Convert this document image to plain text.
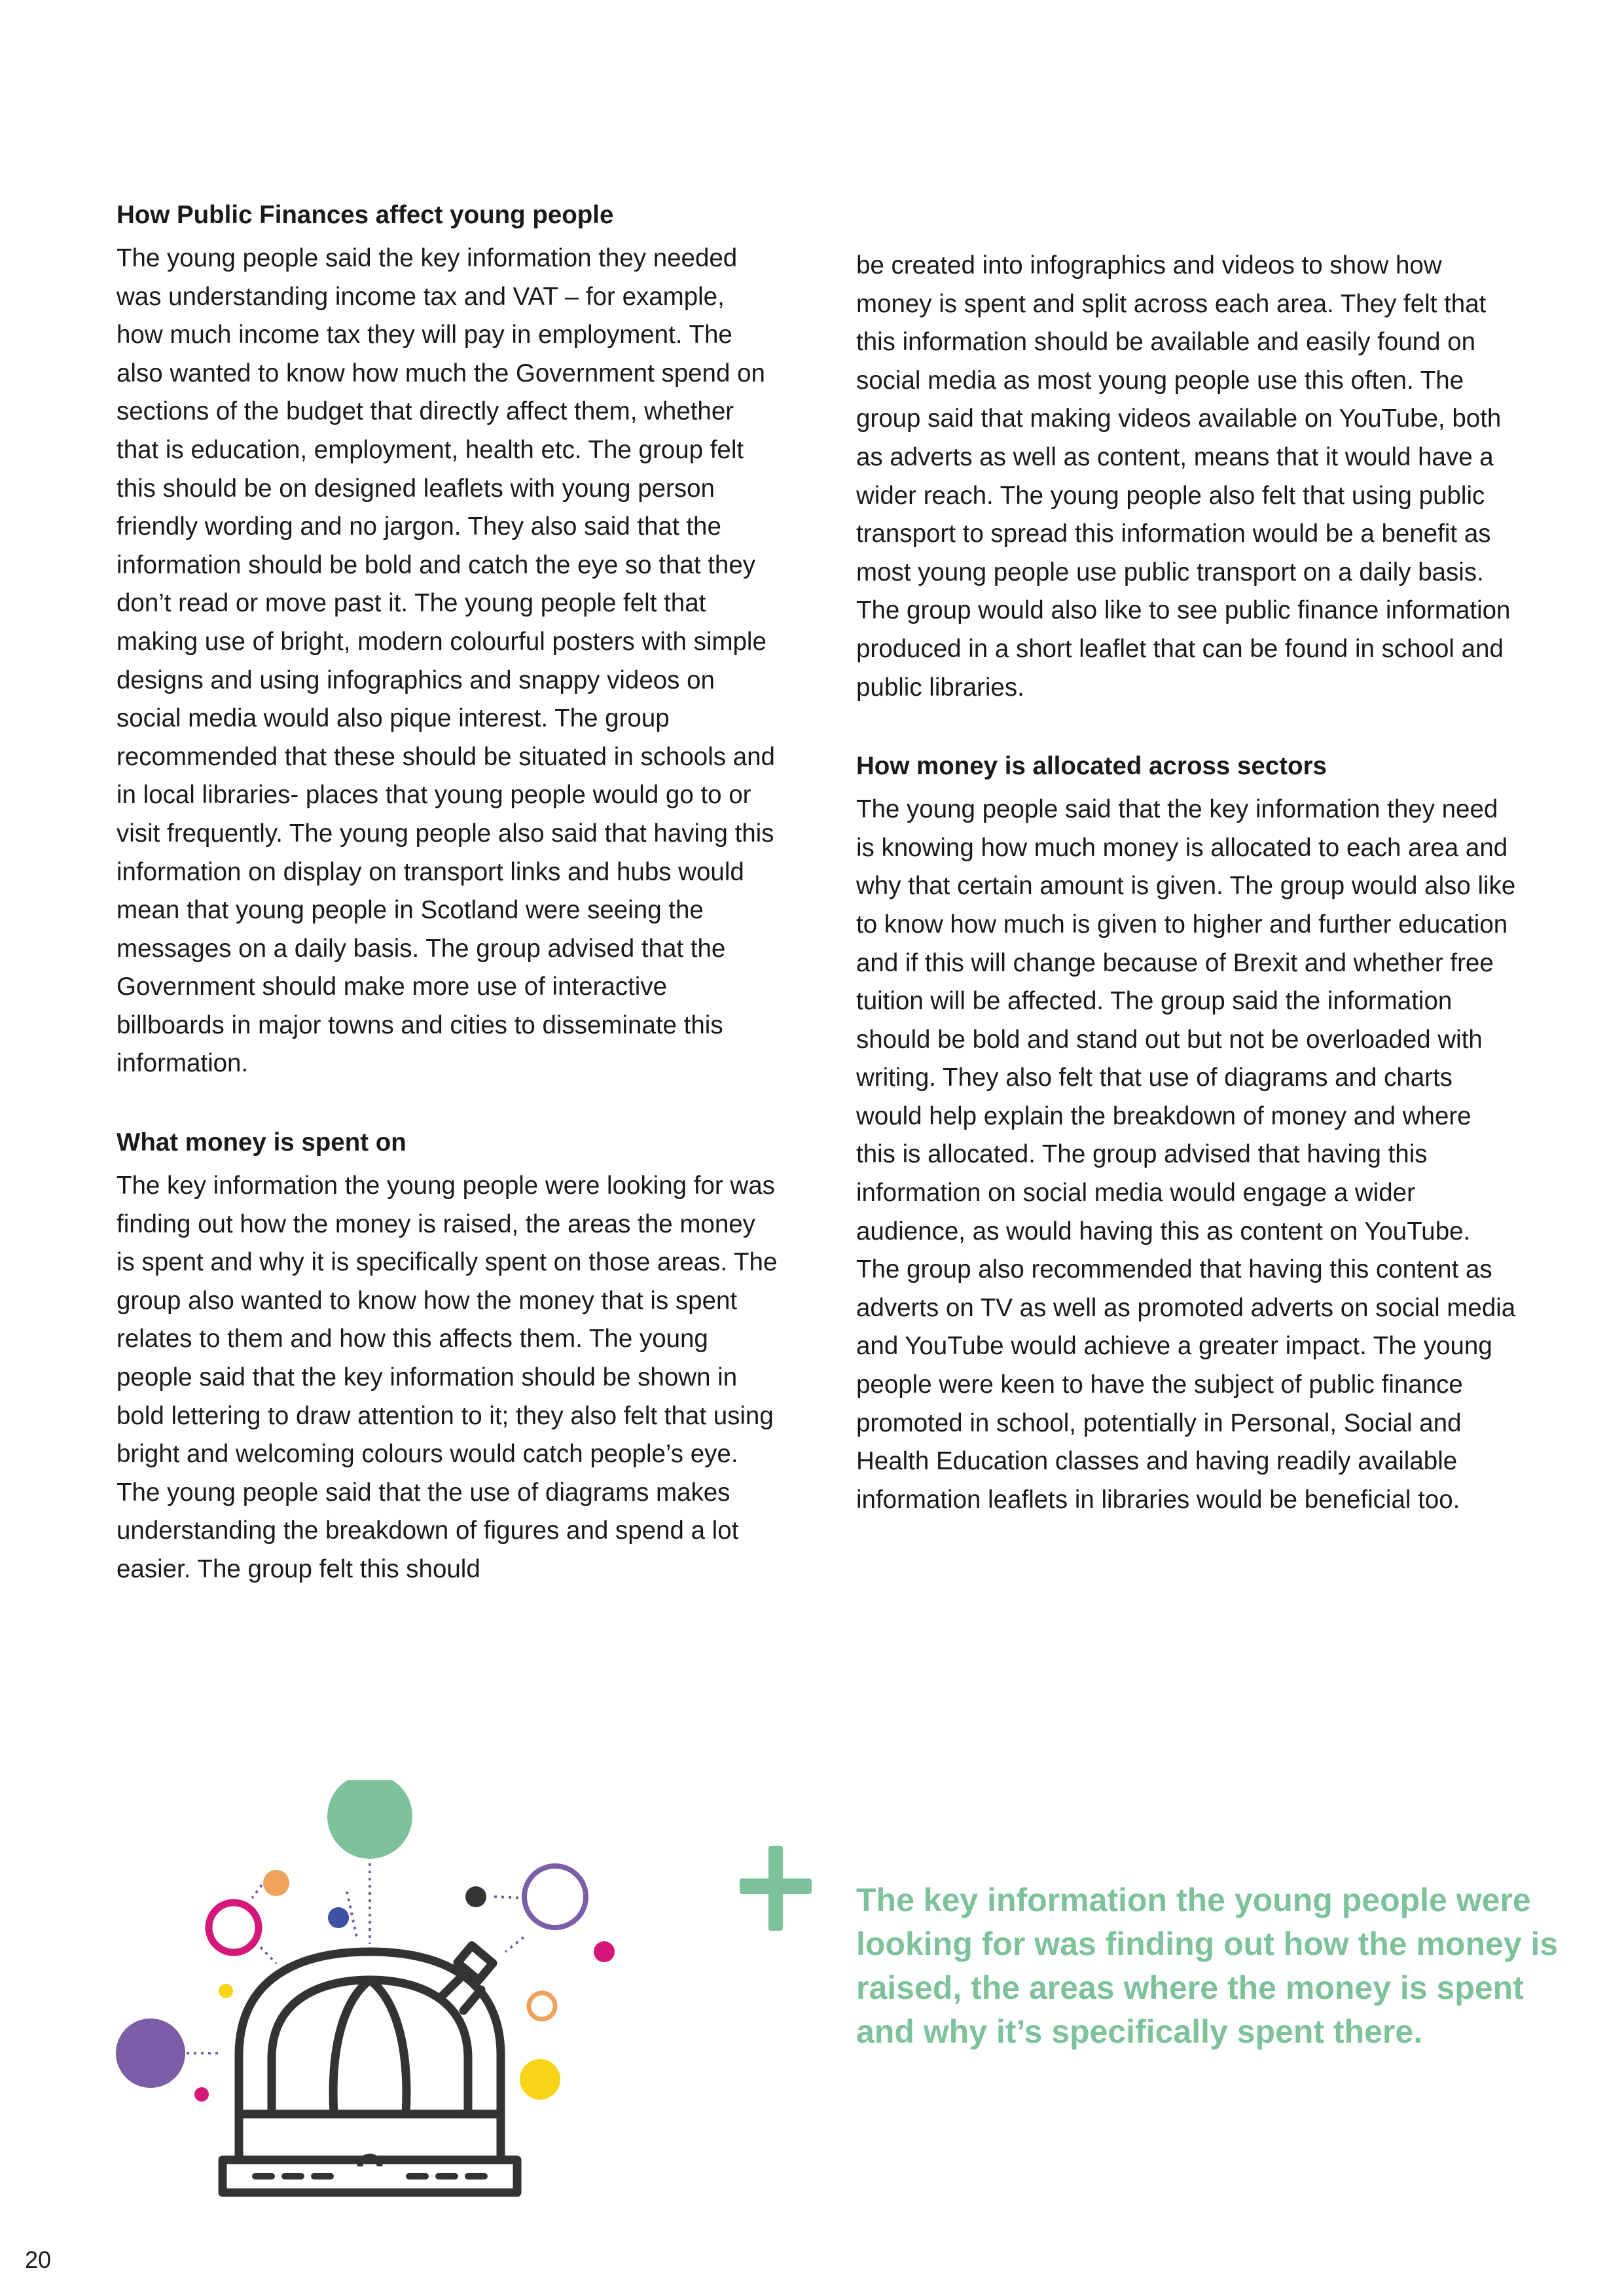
How Public Finances affect young people

The young people said the key information they needed was understanding income tax and VAT – for example, how much income tax they will pay in employment. The also wanted to know how much the Government spend on sections of the budget that directly affect them, whether that is education, employment, health etc. The group felt this should be on designed leaflets with young person friendly wording and no jargon. They also said that the information should be bold and catch the eye so that they don’t read or move past it. The young people felt that making use of bright, modern colourful posters with simple designs and using infographics and snappy videos on social media would also pique interest. The group recommended that these should be situated in schools and in local libraries- places that young people would go to or visit frequently. The young people also said that having this information on display on transport links and hubs would mean that young people in Scotland were seeing the messages on a daily basis. The group advised that the Government should make more use of interactive billboards in major towns and cities to disseminate this information.

What money is spent on

The key information the young people were looking for was finding out how the money is raised, the areas the money is spent and why it is specifically spent on those areas. The group also wanted to know how the money that is spent relates to them and how this affects them. The young people said that the key information should be shown in bold lettering to draw attention to it; they also felt that using bright and welcoming colours would catch people’s eye. The young people said that the use of diagrams makes understanding the breakdown of figures and spend a lot easier. The group felt this should

be created into infographics and videos to show how money is spent and split across each area. They felt that this information should be available and easily found on social media as most young people use this often. The group said that making videos available on YouTube, both as adverts as well as content, means that it would have a wider reach. The young people also felt that using public transport to spread this information would be a benefit as most young people use public transport on a daily basis. The group would also like to see public finance information produced in a short leaflet that can be found in school and public libraries.

How money is allocated across sectors

The young people said that the key information they need is knowing how much money is allocated to each area and why that certain amount is given. The group would also like to know how much is given to higher and further education and if this will change because of Brexit and whether free tuition will be affected. The group said the information should be bold and stand out but not be overloaded with writing. They also felt that use of diagrams and charts would help explain the breakdown of money and where this is allocated. The group advised that having this information on social media would engage a wider audience, as would having this as content on YouTube. The group also recommended that having this content as adverts on TV as well as promoted adverts on social media and YouTube would achieve a greater impact. The young people were keen to have the subject of public finance promoted in school, potentially in Personal, Social and Health Education classes and having readily available information leaflets in libraries would be beneficial too.

The key information the young people were looking for was finding out how the money is raised, the areas where the money is spent and why it’s specifically spent there.

20
